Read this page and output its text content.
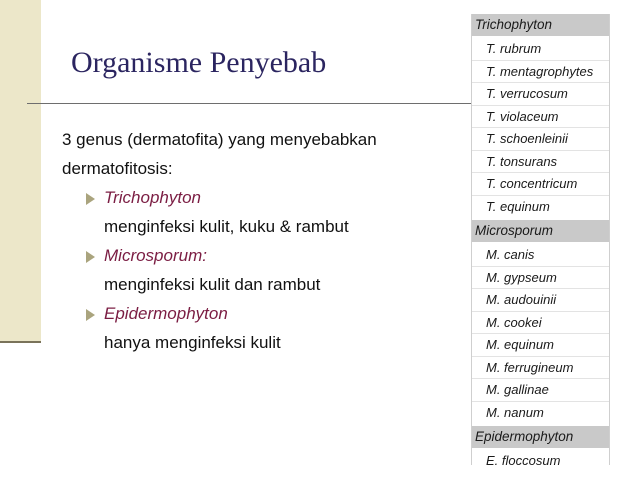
Organisme Penyebab

3 genus (dermatofita) yang menyebabkan dermatofitosis:

Trichophyton
menginfeksi kulit, kuku & rambut
Microsporum:
menginfeksi kulit dan rambut
Epidermophyton
hanya menginfeksi kulit
Trichophyton
T. rubrum
T. mentagrophytes
T. verrucosum
T. violaceum
T. schoenleinii
T. tonsurans
T. concentricum
T. equinum
Microsporum
M. canis
M. gypseum
M. audouinii
M. cookei
M. equinum
M. ferrugineum
M. gallinae
M. nanum
Epidermophyton
E. floccosum
